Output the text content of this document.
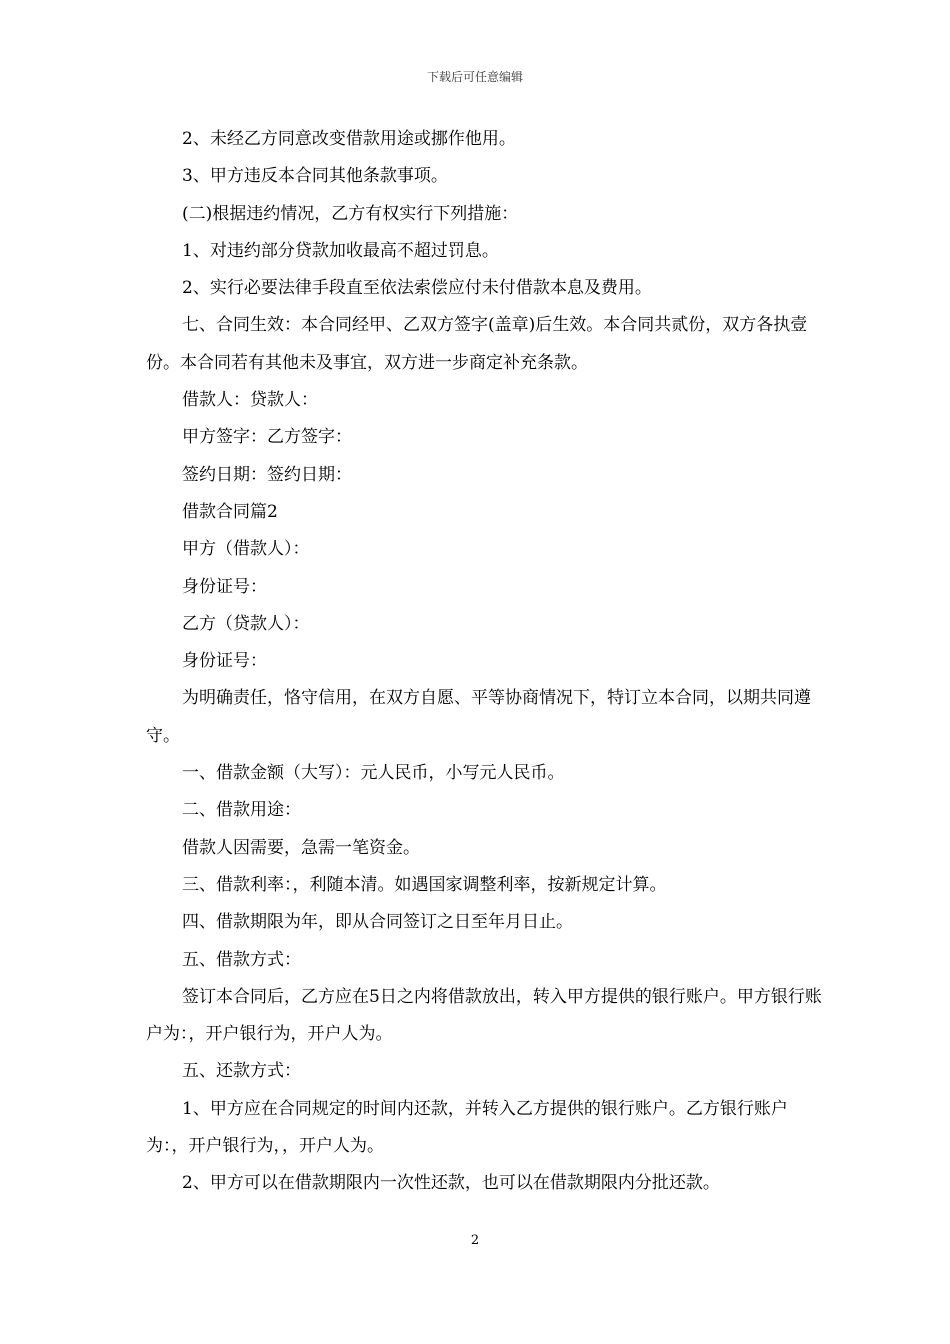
下载后可任意编辑

2、未经乙方同意改变借款用途或挪作他用。

3、甲方违反本合同其他条款事项。

(二)根据违约情况，乙方有权实行下列措施：

1、对违约部分贷款加收最高不超过罚息。

2、实行必要法律手段直至依法索偿应付未付借款本息及费用。

七、合同生效：本合同经甲、乙双方签字(盖章)后生效。本合同共贰份，双方各执壹份。本合同若有其他未及事宜，双方进一步商定补充条款。

借款人：贷款人：

甲方签字：乙方签字：

签约日期：签约日期：

借款合同篇2

甲方（借款人）：

身份证号：

乙方（贷款人）：

身份证号：

为明确责任，恪守信用，在双方自愿、平等协商情况下，特订立本合同，以期共同遵守。

一、借款金额（大写）：元人民币，小写元人民币。

二、借款用途：

借款人因需要，急需一笔资金。

三、借款利率：，利随本清。如遇国家调整利率，按新规定计算。

四、借款期限为年，即从合同签订之日至年月日止。

五、借款方式：

签订本合同后，乙方应在5日之内将借款放出，转入甲方提供的银行账户。甲方银行账户为：，开户银行为，开户人为。

五、还款方式：

1、甲方应在合同规定的时间内还款，并转入乙方提供的银行账户。乙方银行账户为：，开户银行为，，开户人为。

2、甲方可以在借款期限内一次性还款，也可以在借款期限内分批还款。

2
